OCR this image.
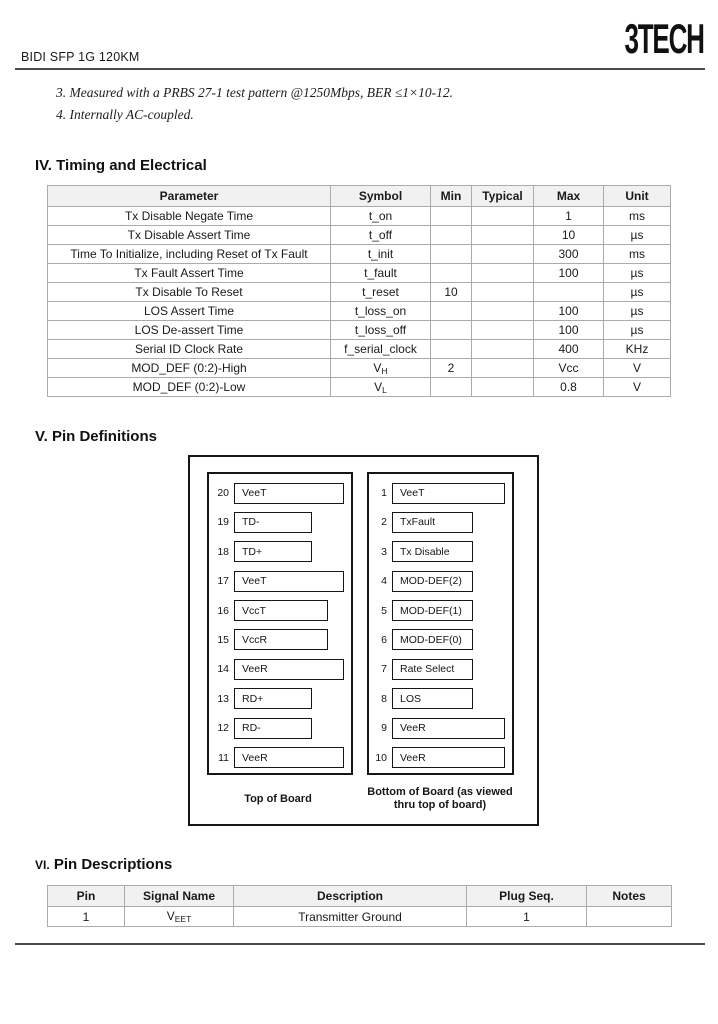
BIDI SFP 1G 120KM	3TECH

3. Measured with a PRBS 27-1 test pattern @1250Mbps, BER ≤1×10-12.

4. Internally AC-coupled.

IV. Timing and Electrical
Parameter	Symbol	Min	Typical	Max	Unit
Tx Disable Negate Time	t_on			1	ms
Tx Disable Assert Time	t_off			10	µs
Time To Initialize, including Reset of Tx Fault	t_init			300	ms
Tx Fault Assert Time	t_fault			100	µs
Tx Disable To Reset	t_reset	10			µs
LOS Assert Time	t_loss_on			100	µs
LOS De-assert Time	t_loss_off			100	µs
Serial ID Clock Rate	f_serial_clock			400	KHz
MOD_DEF (0:2)-High	$V_H$	2		Vcc	V
MOD_DEF (0:2)-Low	$V_L$			0.8	V
V. Pin Definitions
20 VeeT
19 TD-
18 TD+
17 VeeT
16 VccT
15 VccR
14 VeeR
13 RD+
12 RD-
11 VeeR
1 VeeT
2 TxFault
3 Tx Disable
4 MOD-DEF(2)
5 MOD-DEF(1)
6 MOD-DEF(0)
7 Rate Select
8 LOS
9 VeeR
10 VeeR
Top of Board
Bottom of Board (as viewed thru top of board)
VI. Pin Descriptions
Pin	Signal Name	Description	Plug Seq.	Notes
1	$V_{EET}$	Transmitter Ground	1	
